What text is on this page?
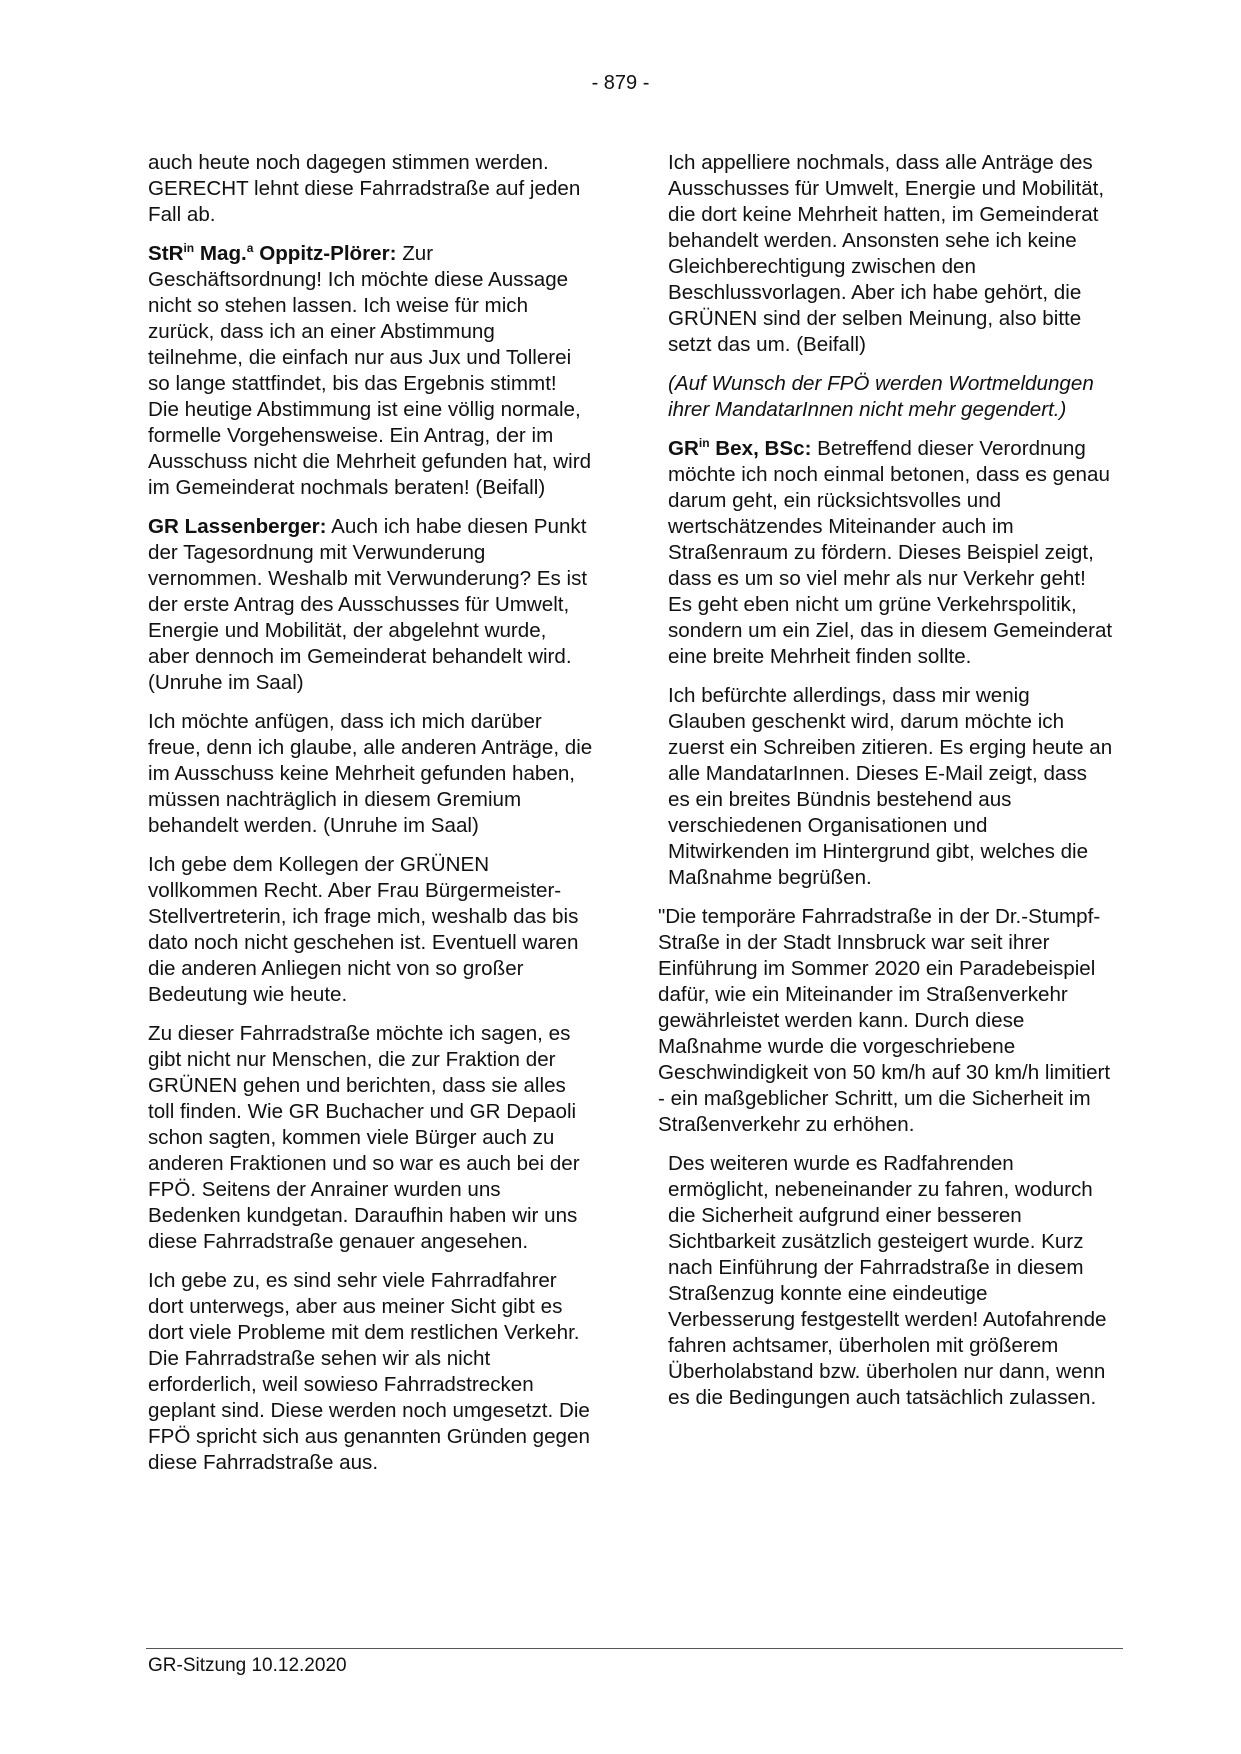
- 879 -

auch heute noch dagegen stimmen werden. GERECHT lehnt diese Fahrradstraße auf jeden Fall ab.

StR$^{in}$ Mag.$^a$ Oppitz-Plörer: Zur Geschäftsordnung! Ich möchte diese Aussage nicht so stehen lassen. Ich weise für mich zurück, dass ich an einer Abstimmung teilnehme, die einfach nur aus Jux und Tollerei so lange stattfindet, bis das Ergebnis stimmt! Die heutige Abstimmung ist eine völlig normale, formelle Vorgehensweise. Ein Antrag, der im Ausschuss nicht die Mehrheit gefunden hat, wird im Gemeinderat nochmals beraten! (Beifall)

GR Lassenberger: Auch ich habe diesen Punkt der Tagesordnung mit Verwunderung vernommen. Weshalb mit Verwunderung? Es ist der erste Antrag des Ausschusses für Umwelt, Energie und Mobilität, der abgelehnt wurde, aber dennoch im Gemeinderat behandelt wird. (Unruhe im Saal)

Ich möchte anfügen, dass ich mich darüber freue, denn ich glaube, alle anderen Anträge, die im Ausschuss keine Mehrheit gefunden haben, müssen nachträglich in diesem Gremium behandelt werden. (Unruhe im Saal)

Ich gebe dem Kollegen der GRÜNEN vollkommen Recht. Aber Frau Bürgermeister-Stellvertreterin, ich frage mich, weshalb das bis dato noch nicht geschehen ist. Eventuell waren die anderen Anliegen nicht von so großer Bedeutung wie heute.

Zu dieser Fahrradstraße möchte ich sagen, es gibt nicht nur Menschen, die zur Fraktion der GRÜNEN gehen und berichten, dass sie alles toll finden. Wie GR Buchacher und GR Depaoli schon sagten, kommen viele Bürger auch zu anderen Fraktionen und so war es auch bei der FPÖ. Seitens der Anrainer wurden uns Bedenken kundgetan. Daraufhin haben wir uns diese Fahrradstraße genauer angesehen.

Ich gebe zu, es sind sehr viele Fahrradfahrer dort unterwegs, aber aus meiner Sicht gibt es dort viele Probleme mit dem restlichen Verkehr. Die Fahrradstraße sehen wir als nicht erforderlich, weil sowieso Fahrradstrecken geplant sind. Diese werden noch umgesetzt. Die FPÖ spricht sich aus genannten Gründen gegen diese Fahrradstraße aus.

Ich appelliere nochmals, dass alle Anträge des Ausschusses für Umwelt, Energie und Mobilität, die dort keine Mehrheit hatten, im Gemeinderat behandelt werden. Ansonsten sehe ich keine Gleichberechtigung zwischen den Beschlussvorlagen. Aber ich habe gehört, die GRÜNEN sind der selben Meinung, also bitte setzt das um. (Beifall)

(Auf Wunsch der FPÖ werden Wortmeldungen ihrer MandatarInnen nicht mehr gegendert.)

$GR^{in}$ Bex, BSc: Betreffend dieser Verordnung möchte ich noch einmal betonen, dass es genau darum geht, ein rücksichtsvolles und wertschätzendes Miteinander auch im Straßenraum zu fördern. Dieses Beispiel zeigt, dass es um so viel mehr als nur Verkehr geht! Es geht eben nicht um grüne Verkehrspolitik, sondern um ein Ziel, das in diesem Gemeinderat eine breite Mehrheit finden sollte.

Ich befürchte allerdings, dass mir wenig Glauben geschenkt wird, darum möchte ich zuerst ein Schreiben zitieren. Es erging heute an alle MandatarInnen. Dieses E-Mail zeigt, dass es ein breites Bündnis bestehend aus verschiedenen Organisationen und Mitwirkenden im Hintergrund gibt, welches die Maßnahme begrüßen.

"Die temporäre Fahrradstraße in der Dr.-Stumpf-Straße in der Stadt Innsbruck war seit ihrer Einführung im Sommer 2020 ein Paradebeispiel dafür, wie ein Miteinander im Straßenverkehr gewährleistet werden kann. Durch diese Maßnahme wurde die vorgeschriebene Geschwindigkeit von 50 km/h auf 30 km/h limitiert - ein maßgeblicher Schritt, um die Sicherheit im Straßenverkehr zu erhöhen.

Des weiteren wurde es Radfahrenden ermöglicht, nebeneinander zu fahren, wodurch die Sicherheit aufgrund einer besseren Sichtbarkeit zusätzlich gesteigert wurde. Kurz nach Einführung der Fahrradstraße in diesem Straßenzug konnte eine eindeutige Verbesserung festgestellt werden! Autofahrende fahren achtsamer, überholen mit größerem Überholabstand bzw. überholen nur dann, wenn es die Bedingungen auch tatsächlich zulassen.

GR-Sitzung 10.12.2020
